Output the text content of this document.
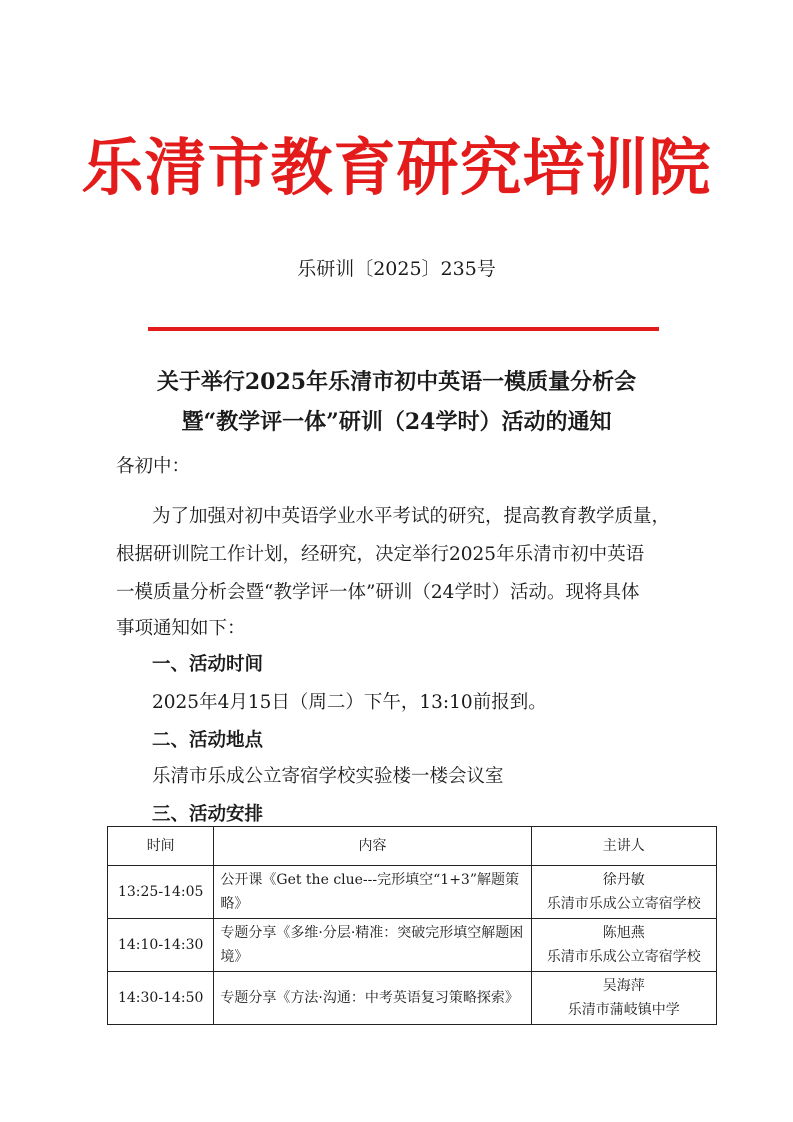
乐清市教育研究培训院
乐研训〔2025〕235号
关于举行2025年乐清市初中英语一模质量分析会
暨“教学评一体”研训（24学时）活动的通知
各初中：
为了加强对初中英语学业水平考试的研究，提高教育教学质量，
根据研训院工作计划，经研究，决定举行2025年乐清市初中英语
一模质量分析会暨“教学评一体”研训（24学时）活动。现将具体
事项通知如下：
一、活动时间
2025年4月15日（周二）下午，13:10前报到。
二、活动地点
乐清市乐成公立寄宿学校实验楼一楼会议室
三、活动安排
时间	内容	主讲人
13:25-14:05	公开课《Get the clue---完形填空“1+3”解题策略》	徐丹敏
乐清市乐成公立寄宿学校

14:10-14:30	专题分享《多维·分层·精准：突破完形填空解题困境》	陈旭燕
乐清市乐成公立寄宿学校

14:30-14:50	专题分享《方法·沟通：中考英语复习策略探索》	吴海萍
乐清市蒲岐镇中学
